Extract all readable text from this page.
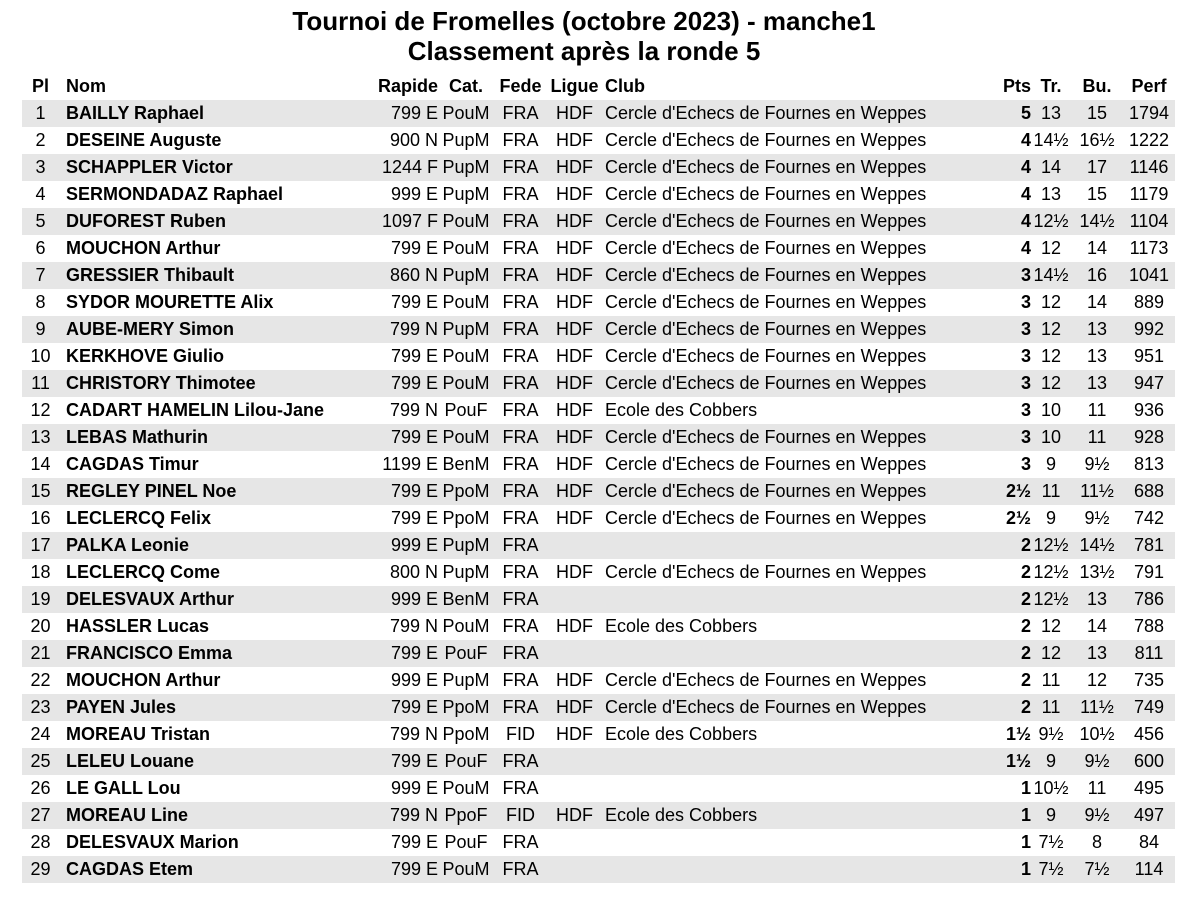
Tournoi de Fromelles (octobre 2023) - manche1
Classement après la ronde 5
Pl	Nom	Rapide	Cat.	Fede	Ligue	Club	Pts	Tr.	Bu.	Perf
1	BAILLY Raphael	799 E	PouM	FRA	HDF	Cercle d'Echecs de Fournes en Weppes	5	13	15	1794
2	DESEINE Auguste	900 N	PupM	FRA	HDF	Cercle d'Echecs de Fournes en Weppes	4	14½	16½	1222
3	SCHAPPLER Victor	1244 F	PupM	FRA	HDF	Cercle d'Echecs de Fournes en Weppes	4	14	17	1146
4	SERMONDADAZ Raphael	999 E	PupM	FRA	HDF	Cercle d'Echecs de Fournes en Weppes	4	13	15	1179
5	DUFOREST Ruben	1097 F	PouM	FRA	HDF	Cercle d'Echecs de Fournes en Weppes	4	12½	14½	1104
6	MOUCHON Arthur	799 E	PouM	FRA	HDF	Cercle d'Echecs de Fournes en Weppes	4	12	14	1173
7	GRESSIER Thibault	860 N	PupM	FRA	HDF	Cercle d'Echecs de Fournes en Weppes	3	14½	16	1041
8	SYDOR MOURETTE Alix	799 E	PouM	FRA	HDF	Cercle d'Echecs de Fournes en Weppes	3	12	14	889
9	AUBE-MERY Simon	799 N	PupM	FRA	HDF	Cercle d'Echecs de Fournes en Weppes	3	12	13	992
10	KERKHOVE Giulio	799 E	PouM	FRA	HDF	Cercle d'Echecs de Fournes en Weppes	3	12	13	951
11	CHRISTORY Thimotee	799 E	PouM	FRA	HDF	Cercle d'Echecs de Fournes en Weppes	3	12	13	947
12	CADART HAMELIN Lilou-Jane	799 N	PouF	FRA	HDF	Ecole des Cobbers	3	10	11	936
13	LEBAS Mathurin	799 E	PouM	FRA	HDF	Cercle d'Echecs de Fournes en Weppes	3	10	11	928
14	CAGDAS Timur	1199 E	BenM	FRA	HDF	Cercle d'Echecs de Fournes en Weppes	3	9	9½	813
15	REGLEY PINEL Noe	799 E	PpoM	FRA	HDF	Cercle d'Echecs de Fournes en Weppes	2½	11	11½	688
16	LECLERCQ Felix	799 E	PpoM	FRA	HDF	Cercle d'Echecs de Fournes en Weppes	2½	9	9½	742
17	PALKA Leonie	999 E	PupM	FRA			2	12½	14½	781
18	LECLERCQ Come	800 N	PupM	FRA	HDF	Cercle d'Echecs de Fournes en Weppes	2	12½	13½	791
19	DELESVAUX Arthur	999 E	BenM	FRA			2	12½	13	786
20	HASSLER Lucas	799 N	PouM	FRA	HDF	Ecole des Cobbers	2	12	14	788
21	FRANCISCO Emma	799 E	PouF	FRA			2	12	13	811
22	MOUCHON Arthur	999 E	PupM	FRA	HDF	Cercle d'Echecs de Fournes en Weppes	2	11	12	735
23	PAYEN Jules	799 E	PpoM	FRA	HDF	Cercle d'Echecs de Fournes en Weppes	2	11	11½	749
24	MOREAU Tristan	799 N	PpoM	FID	HDF	Ecole des Cobbers	1½	9½	10½	456
25	LELEU Louane	799 E	PouF	FRA			1½	9	9½	600
26	LE GALL Lou	999 E	PouM	FRA			1	10½	11	495
27	MOREAU Line	799 N	PpoF	FID	HDF	Ecole des Cobbers	1	9	9½	497
28	DELESVAUX Marion	799 E	PouF	FRA			1	7½	8	84
29	CAGDAS Etem	799 E	PouM	FRA			1	7½	7½	114
